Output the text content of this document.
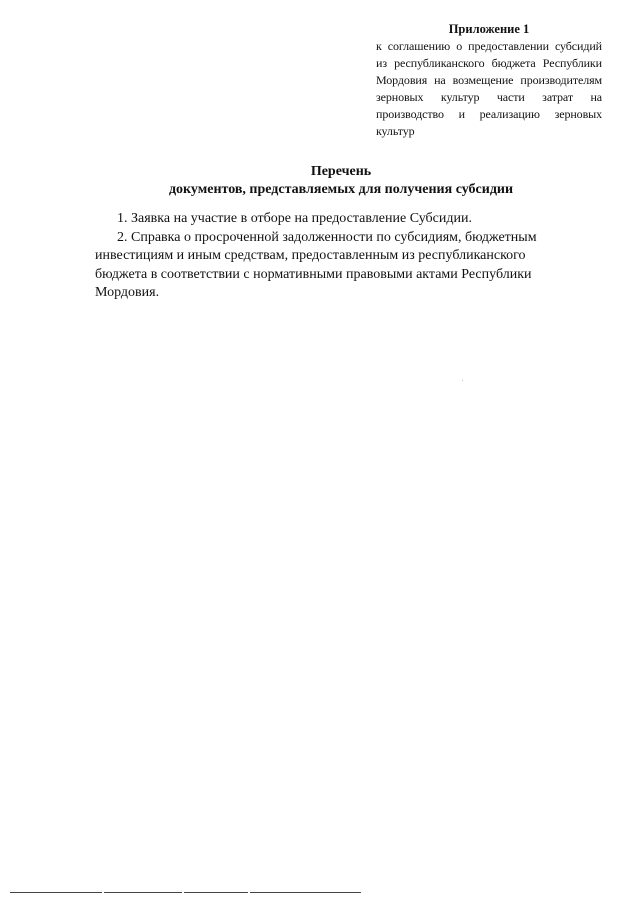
Приложение 1

к соглашению о предоставлении субсидий из республиканского бюджета Республики Мордовия на возмещение производителям зерновых культур части затрат на производство и реализацию зерновых культур

Перечень
документов, представляемых для получения субсидии

1. Заявка на участие в отборе на предоставление Субсидии.

2. Справка о просроченной задолженности по субсидиям, бюджетным инвестициям и иным средствам, предоставленным из республиканского бюджета в соответствии с нормативными правовыми актами Республики Мордовия.
